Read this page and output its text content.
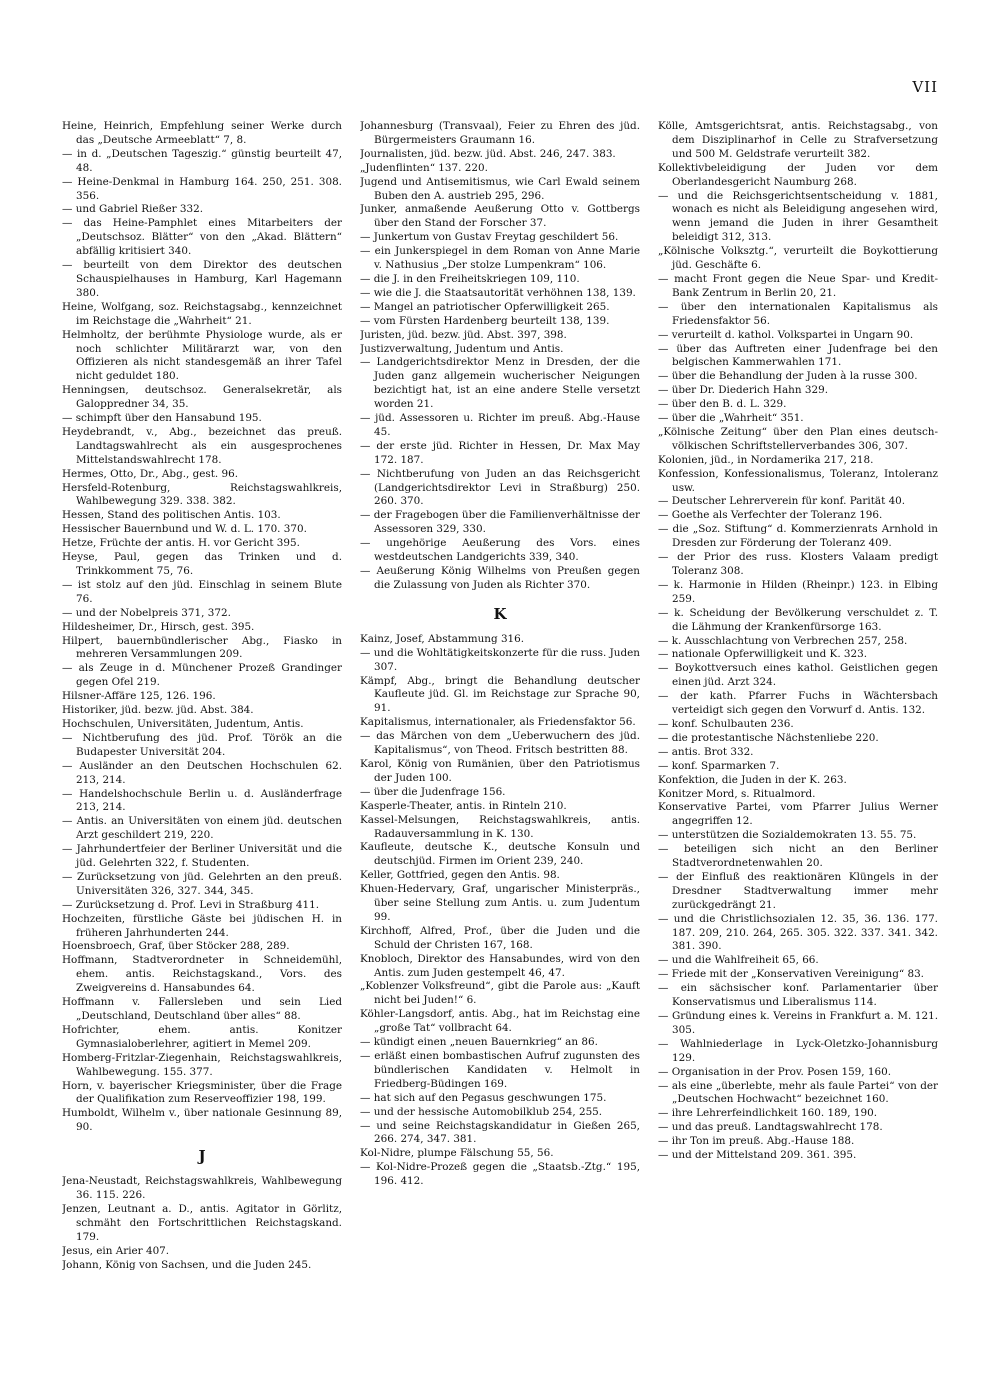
VII

Heine, Heinrich, Empfehlung seiner Werke durch das „Deutsche Armeeblatt“ 7, 8.

— in d. „Deutschen Tageszig.“ günstig beurteilt 47, 48.

— Heine-Denkmal in Hamburg 164. 250, 251. 308. 356.

— und Gabriel Rießer 332.

— das Heine-Pamphlet eines Mitarbeiters der „Deutschsoz. Blätter“ von den „Akad. Blättern“ abfällig kritisiert 340.

— beurteilt von dem Direktor des deutschen Schauspielhauses in Hamburg, Karl Hagemann 380.

Heine, Wolfgang, soz. Reichstagsabg., kennzeichnet im Reichstage die „Wahrheit“ 21.

Helmholtz, der berühmte Physiologe wurde, als er noch schlichter Militärarzt war, von den Offizieren als nicht standesgemäß an ihrer Tafel nicht geduldet 180.

Henningsen, deutschsoz. Generalsekretär, als Galoppredner 34, 35.

— schimpft über den Hansabund 195.

Heydebrandt, v., Abg., bezeichnet das preuß. Landtagswahlrecht als ein ausgesprochenes Mittelstandswahlrecht 178.

Hermes, Otto, Dr., Abg., gest. 96.

Hersfeld-Rotenburg, Reichstagswahlkreis, Wahlbewegung 329. 338. 382.

Hessen, Stand des politischen Antis. 103.

Hessischer Bauernbund und W. d. L. 170. 370.

Hetze, Früchte der antis. H. vor Gericht 395.

Heyse, Paul, gegen das Trinken und d. Trinkkomment 75, 76.

— ist stolz auf den jüd. Einschlag in seinem Blute 76.

— und der Nobelpreis 371, 372.

Hildesheimer, Dr., Hirsch, gest. 395.

Hilpert, bauernbündlerischer Abg., Fiasko in mehreren Versammlungen 209.

— als Zeuge in d. Münchener Prozeß Grandinger gegen Ofel 219.

Hilsner-Affäre 125, 126. 196.

Historiker, jüd. bezw. jüd. Abst. 384.

Hochschulen, Universitäten, Judentum, Antis.

— Nichtberufung des jüd. Prof. Török an die Budapester Universität 204.

— Ausländer an den Deutschen Hochschulen 62. 213, 214.

— Handelshochschule Berlin u. d. Ausländerfrage 213, 214.

— Antis. an Universitäten von einem jüd. deutschen Arzt geschildert 219, 220.

— Jahrhundertfeier der Berliner Universität und die jüd. Gelehrten 322, f. Studenten.

— Zurücksetzung von jüd. Gelehrten an den preuß. Universitäten 326, 327. 344, 345.

— Zurücksetzung d. Prof. Levi in Straßburg 411.

Hochzeiten, fürstliche Gäste bei jüdischen H. in früheren Jahrhunderten 244.

Hoensbroech, Graf, über Stöcker 288, 289.

Hoffmann, Stadtverordneter in Schneidemühl, ehem. antis. Reichstagskand., Vors. des Zweigvereins d. Hansabundes 64.

Hoffmann v. Fallersleben und sein Lied „Deutschland, Deutschland über alles“ 88.

Hofrichter, ehem. antis. Konitzer Gymnasialoberlehrer, agitiert in Memel 209.

Homberg-Fritzlar-Ziegenhain, Reichstagswahlkreis, Wahlbewegung. 155. 377.

Horn, v. bayerischer Kriegsminister, über die Frage der Qualifikation zum Reserveoffizier 198, 199.

Humboldt, Wilhelm v., über nationale Gesinnung 89, 90.

J

Jena-Neustadt, Reichstagswahlkreis, Wahlbewegung 36. 115. 226.

Jenzen, Leutnant a. D., antis. Agitator in Görlitz, schmäht den Fortschrittlichen Reichstagskand. 179.

Jesus, ein Arier 407.

Johann, König von Sachsen, und die Juden 245.

Johannesburg (Transvaal), Feier zu Ehren des jüd. Bürgermeisters Graumann 16.

Journalisten, jüd. bezw. jüd. Abst. 246, 247. 383.

„Judenflinten“ 137. 220.

Jugend und Antisemitismus, wie Carl Ewald seinem Buben den A. austrieb 295, 296.

Junker, anmaßende Aeußerung Otto v. Gottbergs über den Stand der Forscher 37.

— Junkertum von Gustav Freytag geschildert 56.

— ein Junkerspiegel in dem Roman von Anne Marie v. Nathusius „Der stolze Lumpenkram“ 106.

— die J. in den Freiheitskriegen 109, 110.

— wie die J. die Staatsautorität verhöhnen 138, 139.

— Mangel an patriotischer Opferwilligkeit 265.

— vom Fürsten Hardenberg beurteilt 138, 139.

Juristen, jüd. bezw. jüd. Abst. 397, 398.

Justizverwaltung, Judentum und Antis.

— Landgerichtsdirektor Menz in Dresden, der die Juden ganz allgemein wucherischer Neigungen bezichtigt hat, ist an eine andere Stelle versetzt worden 21.

— jüd. Assessoren u. Richter im preuß. Abg.-Hause 45.

— der erste jüd. Richter in Hessen, Dr. Max May 172. 187.

— Nichtberufung von Juden an das Reichsgericht (Landgerichtsdirektor Levi in Straßburg) 250. 260. 370.

— der Fragebogen über die Familienverhältnisse der Assessoren 329, 330.

— ungehörige Aeußerung des Vors. eines westdeutschen Landgerichts 339, 340.

— Aeußerung König Wilhelms von Preußen gegen die Zulassung von Juden als Richter 370.

K

Kainz, Josef, Abstammung 316.

— und die Wohltätigkeitskonzerte für die russ. Juden 307.

Kämpf, Abg., bringt die Behandlung deutscher Kaufleute jüd. Gl. im Reichstage zur Sprache 90, 91.

Kapitalismus, internationaler, als Friedensfaktor 56.

— das Märchen von dem „Ueberwuchern des jüd. Kapitalismus“, von Theod. Fritsch bestritten 88.

Karol, König von Rumänien, über den Patriotismus der Juden 100.

— über die Judenfrage 156.

Kasperle-Theater, antis. in Rinteln 210.

Kassel-Melsungen, Reichstagswahlkreis, antis. Radauversammlung in K. 130.

Kaufleute, deutsche K., deutsche Konsuln und deutschjüd. Firmen im Orient 239, 240.

Keller, Gottfried, gegen den Antis. 98.

Khuen-Hedervary, Graf, ungarischer Ministerpräs., über seine Stellung zum Antis. u. zum Judentum 99.

Kirchhoff, Alfred, Prof., über die Juden und die Schuld der Christen 167, 168.

Knobloch, Direktor des Hansabundes, wird von den Antis. zum Juden gestempelt 46, 47.

„Koblenzer Volksfreund“, gibt die Parole aus: „Kauft nicht bei Juden!“ 6.

Köhler-Langsdorf, antis. Abg., hat im Reichstag eine „große Tat“ vollbracht 64.

— kündigt einen „neuen Bauernkrieg“ an 86.

— erläßt einen bombastischen Aufruf zugunsten des bündlerischen Kandidaten v. Helmolt in Friedberg-Büdingen 169.

— hat sich auf den Pegasus geschwungen 175.

— und der hessische Automobilklub 254, 255.

— und seine Reichstagskandidatur in Gießen 265, 266. 274, 347. 381.

Kol-Nidre, plumpe Fälschung 55, 56.

— Kol-Nidre-Prozeß gegen die „Staatsb.-Ztg.“ 195, 196. 412.

Kölle, Amtsgerichtsrat, antis. Reichstagsabg., von dem Disziplinarhof in Celle zu Strafversetzung und 500 M. Geldstrafe verurteilt 382.

Kollektivbeleidigung der Juden vor dem Oberlandesgericht Naumburg 268.

— und die Reichsgerichtsentscheidung v. 1881, wonach es nicht als Beleidigung angesehen wird, wenn jemand die Juden in ihrer Gesamtheit beleidigt 312, 313.

„Kölnische Volksztg.“, verurteilt die Boykottierung jüd. Geschäfte 6.

— macht Front gegen die Neue Spar- und Kredit-Bank Zentrum in Berlin 20, 21.

— über den internationalen Kapitalismus als Friedensfaktor 56.

— verurteilt d. kathol. Volkspartei in Ungarn 90.

— über das Auftreten einer Judenfrage bei den belgischen Kammerwahlen 171.

— über die Behandlung der Juden à la russe 300.

— über Dr. Diederich Hahn 329.

— über den B. d. L. 329.

— über die „Wahrheit“ 351.

„Kölnische Zeitung“ über den Plan eines deutsch-völkischen Schriftstellerverbandes 306, 307.

Kolonien, jüd., in Nordamerika 217, 218.

Konfession, Konfessionalismus, Toleranz, Intoleranz usw.

— Deutscher Lehrerverein für konf. Parität 40.

— Goethe als Verfechter der Toleranz 196.

— die „Soz. Stiftung“ d. Kommerzienrats Arnhold in Dresden zur Förderung der Toleranz 409.

— der Prior des russ. Klosters Valaam predigt Toleranz 308.

— k. Harmonie in Hilden (Rheinpr.) 123. in Elbing 259.

— k. Scheidung der Bevölkerung verschuldet z. T. die Lähmung der Krankenfürsorge 163.

— k. Ausschlachtung von Verbrechen 257, 258.

— nationale Opferwilligkeit und K. 323.

— Boykottversuch eines kathol. Geistlichen gegen einen jüd. Arzt 324.

— der kath. Pfarrer Fuchs in Wächtersbach verteidigt sich gegen den Vorwurf d. Antis. 132.

— konf. Schulbauten 236.

— die protestantische Nächstenliebe 220.

— antis. Brot 332.

— konf. Sparmarken 7.

Konfektion, die Juden in der K. 263.

Konitzer Mord, s. Ritualmord.

Konservative Partei, vom Pfarrer Julius Werner angegriffen 12.

— unterstützen die Sozialdemokraten 13. 55. 75.

— beteiligen sich nicht an den Berliner Stadtverordnetenwahlen 20.

— der Einfluß des reaktionären Klüngels in der Dresdner Stadtverwaltung immer mehr zurückgedrängt 21.

— und die Christlichsozialen 12. 35, 36. 136. 177. 187. 209, 210. 264, 265. 305. 322. 337. 341. 342. 381. 390.

— und die Wahlfreiheit 65, 66.

— Friede mit der „Konservativen Vereinigung“ 83.

— ein sächsischer konf. Parlamentarier über Konservatismus und Liberalismus 114.

— Gründung eines k. Vereins in Frankfurt a. M. 121. 305.

— Wahlniederlage in Lyck-Oletzko-Johannisburg 129.

— Organisation in der Prov. Posen 159, 160.

— als eine „überlebte, mehr als faule Partei“ von der „Deutschen Hochwacht“ bezeichnet 160.

— ihre Lehrerfeindlichkeit 160. 189, 190.

— und das preuß. Landtagswahlrecht 178.

— ihr Ton im preuß. Abg.-Hause 188.

— und der Mittelstand 209. 361. 395.
